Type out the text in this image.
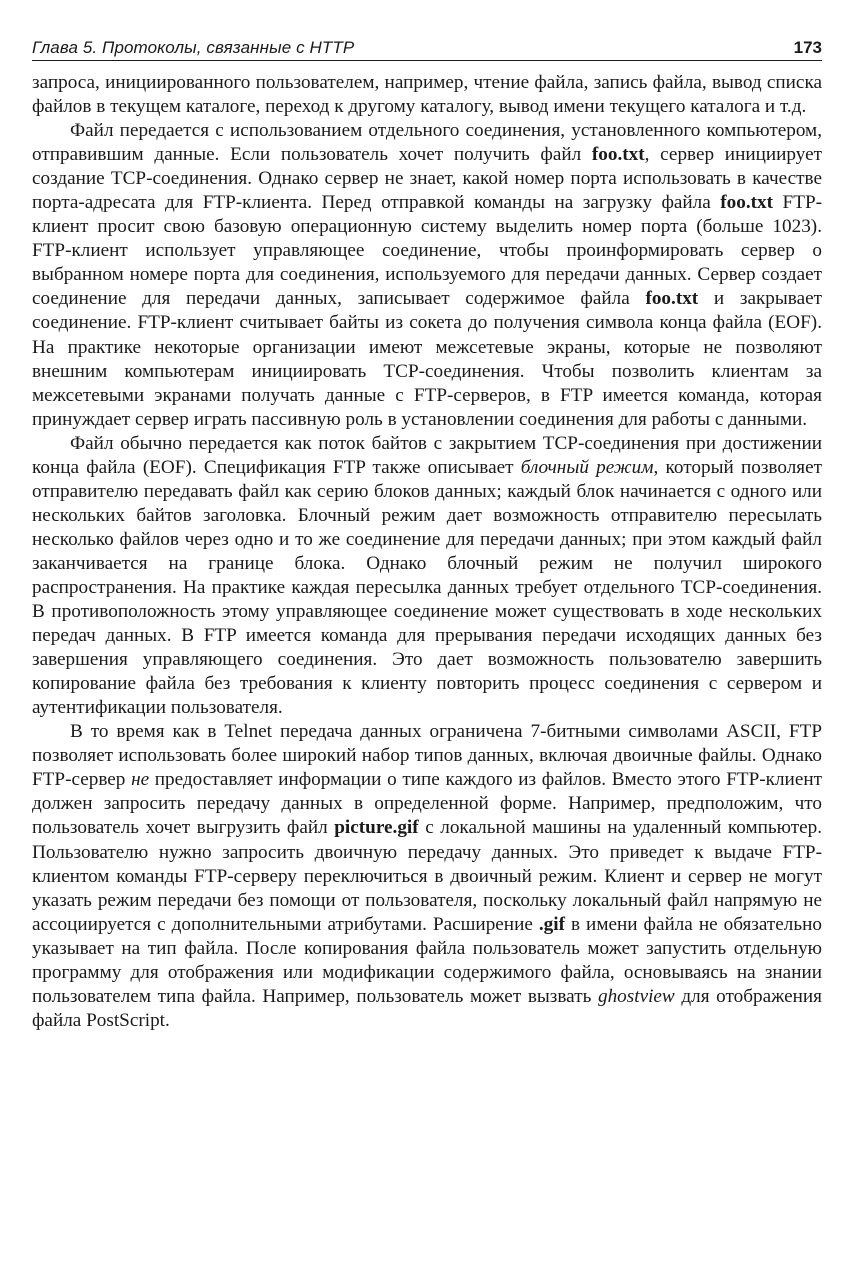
Глава 5. Протоколы, связанные с HTTP	173

запроса, инициированного пользователем, например, чтение файла, запись файла, вывод списка файлов в текущем каталоге, переход к другому каталогу, вывод имени текущего каталога и т.д.

Файл передается с использованием отдельного соединения, установленного компьютером, отправившим данные. Если пользователь хочет получить файл foo.txt, сервер инициирует создание TCP-соединения. Однако сервер не знает, какой номер порта использовать в качестве порта-адресата для FTP-клиента. Перед отправкой команды на загрузку файла foo.txt FTP-клиент просит свою базовую операционную систему выделить номер порта (больше 1023). FTP-клиент использует управляющее соединение, чтобы проинформировать сервер о выбранном номере порта для соединения, используемого для передачи данных. Сервер создает соединение для передачи данных, записывает содержимое файла foo.txt и закрывает соединение. FTP-клиент считывает байты из сокета до получения символа конца файла (EOF). На практике некоторые организации имеют межсетевые экраны, которые не позволяют внешним компьютерам инициировать TCP-соединения. Чтобы позволить клиентам за межсетевыми экранами получать данные с FTP-серверов, в FTP имеется команда, которая принуждает сервер играть пассивную роль в установлении соединения для работы с данными.

Файл обычно передается как поток байтов с закрытием TCP-соединения при достижении конца файла (EOF). Спецификация FTP также описывает блочный режим, который позволяет отправителю передавать файл как серию блоков данных; каждый блок начинается с одного или нескольких байтов заголовка. Блочный режим дает возможность отправителю пересылать несколько файлов через одно и то же соединение для передачи данных; при этом каждый файл заканчивается на границе блока. Однако блочный режим не получил широкого распространения. На практике каждая пересылка данных требует отдельного TCP-соединения. В противоположность этому управляющее соединение может существовать в ходе нескольких передач данных. В FTP имеется команда для прерывания передачи исходящих данных без завершения управляющего соединения. Это дает возможность пользователю завершить копирование файла без требования к клиенту повторить процесс соединения с сервером и аутентификации пользователя.

В то время как в Telnet передача данных ограничена 7-битными символами ASCII, FTP позволяет использовать более широкий набор типов данных, включая двоичные файлы. Однако FTP-сервер не предоставляет информации о типе каждого из файлов. Вместо этого FTP-клиент должен запросить передачу данных в определенной форме. Например, предположим, что пользователь хочет выгрузить файл picture.gif с локальной машины на удаленный компьютер. Пользователю нужно запросить двоичную передачу данных. Это приведет к выдаче FTP-клиентом команды FTP-серверу переключиться в двоичный режим. Клиент и сервер не могут указать режим передачи без помощи от пользователя, поскольку локальный файл напрямую не ассоциируется с дополнительными атрибутами. Расширение .gif в имени файла не обязательно указывает на тип файла. После копирования файла пользователь может запустить отдельную программу для отображения или модификации содержимого файла, основываясь на знании пользователем типа файла. Например, пользователь может вызвать ghostview для отображения файла PostScript.
